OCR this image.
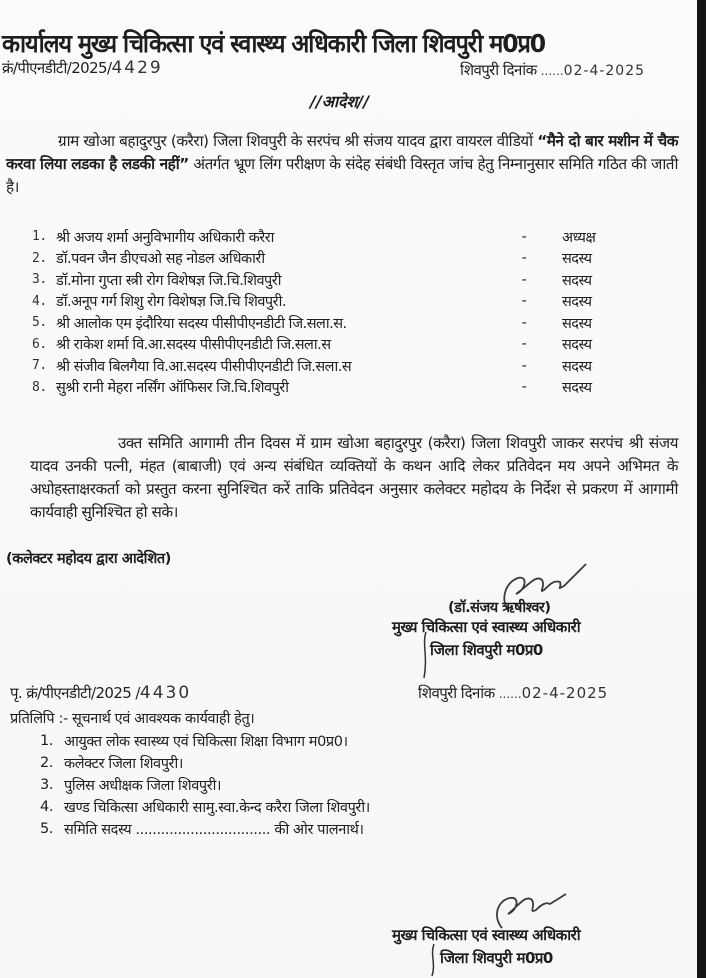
कार्यालय मुख्य चिकित्सा एवं स्वास्थ्य अधिकारी जिला शिवपुरी म0प्र0
क्रं/पीएनडीटी/2025/4429	शिवपुरी दिनांक ......02-4-2025
//आदेश//
ग्राम खोआ बहादुरपुर (करैरा) जिला शिवपुरी के सरपंच श्री संजय यादव द्वारा वायरल वीडियों “मैने दो बार मशीन में चैक करवा लिया लडका है लडकी नहीं” अंतर्गत भ्रूण लिंग परीक्षण के संदेह संबंधी विस्तृत जांच हेतु निम्नानुसार समिति गठित की जाती है।
1. श्री अजय शर्मा अनुविभागीय अधिकारी करैरा	-	अध्यक्ष
2. डॉ.पवन जैन डीएचओ सह नोडल अधिकारी	-	सदस्य
3. डॉ.मोना गुप्ता स्त्री रोग विशेषज्ञ जि.चि.शिवपुरी	-	सदस्य
4. डॉ.अनूप गर्ग शिशु रोग विशेषज्ञ जि.चि शिवपुरी.	-	सदस्य
5. श्री आलोक एम इंदौरिया सदस्य पीसीपीएनडीटी जि.सला.स.	-	सदस्य
6. श्री राकेश शर्मा वि.आ.सदस्य पीसीपीएनडीटी जि.सला.स	-	सदस्य
7. श्री संजीव बिलगैया वि.आ.सदस्य पीसीपीएनडीटी जि.सला.स	-	सदस्य
8. सुश्री रानी मेहरा नर्सिंग ऑफिसर जि.चि.शिवपुरी	-	सदस्य
उक्त समिति आगामी तीन दिवस में ग्राम खोआ बहादुरपुर (करैरा) जिला शिवपुरी जाकर सरपंच श्री संजय यादव उनकी पत्नी, मंहत (बाबाजी) एवं अन्य संबंधित व्यक्तियों के कथन आदि लेकर प्रतिवेदन मय अपने अभिमत के अधोहस्ताक्षरकर्ता को प्रस्तुत करना सुनिश्चित करें ताकि प्रतिवेदन अनुसार कलेक्टर महोदय के निर्देश से प्रकरण में आगामी कार्यवाही सुनिश्चित हो सके।
(कलेक्टर महोदय द्वारा आदेशित)
(डॉ.संजय ऋषीश्वर)
मुख्य चिकित्सा एवं स्वास्थ्य अधिकारी
जिला शिवपुरी म0प्र0
पृ. क्रं/पीएनडीटी/2025 /4430	शिवपुरी दिनांक ......02-4-2025
प्रतिलिपि :- सूचनार्थ एवं आवश्यक कार्यवाही हेतु।
1. आयुक्त लोक स्वास्थ्य एवं चिकित्सा शिक्षा विभाग म0प्र0।
2. कलेक्टर जिला शिवपुरी।
3. पुलिस अधीक्षक जिला शिवपुरी।
4. खण्ड चिकित्सा अधिकारी सामु.स्वा.केन्द करैरा जिला शिवपुरी।
5. समिति सदस्य ................................ की ओर पालनार्थ।
मुख्य चिकित्सा एवं स्वास्थ्य अधिकारी
जिला शिवपुरी म0प्र0
